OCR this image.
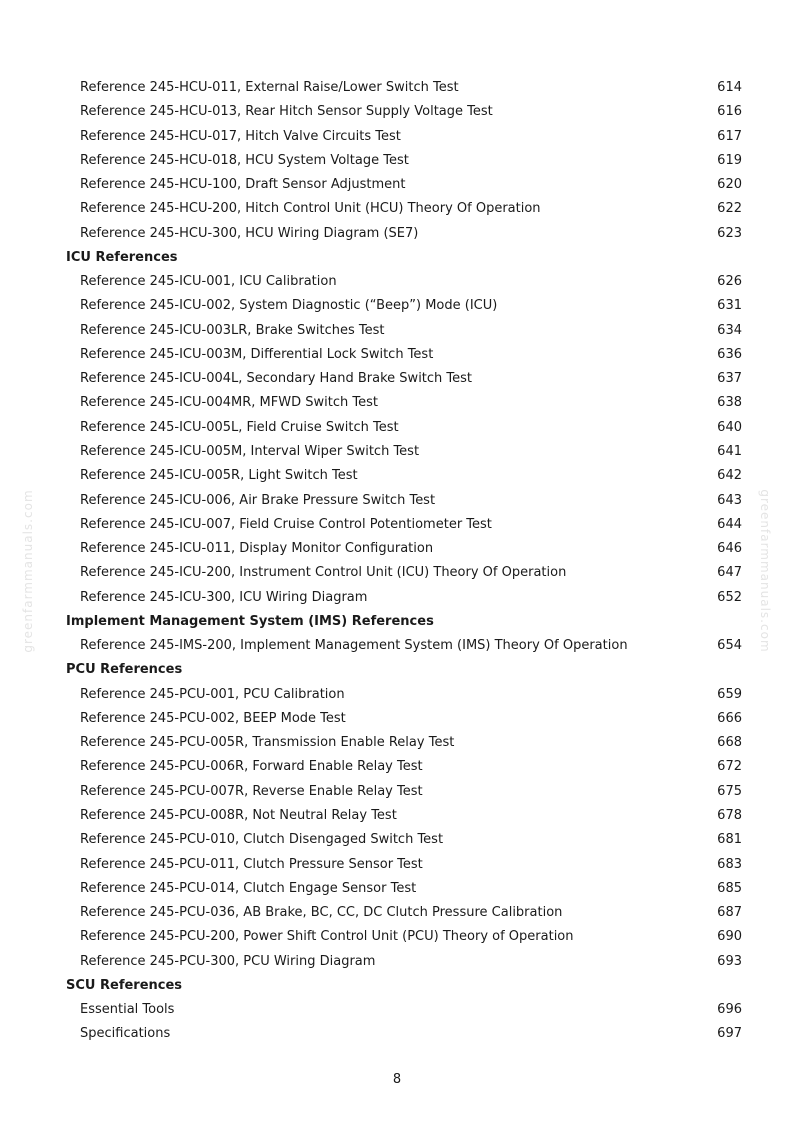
Reference 245-HCU-011, External Raise/Lower Switch Test	614
Reference 245-HCU-013, Rear Hitch Sensor Supply Voltage Test	616
Reference 245-HCU-017, Hitch Valve Circuits Test	617
Reference 245-HCU-018, HCU System Voltage Test	619
Reference 245-HCU-100, Draft Sensor Adjustment	620
Reference 245-HCU-200, Hitch Control Unit (HCU) Theory Of Operation	622
Reference 245-HCU-300, HCU Wiring Diagram (SE7)	623
ICU References
Reference 245-ICU-001, ICU Calibration	626
Reference 245-ICU-002, System Diagnostic (“Beep”) Mode (ICU)	631
Reference 245-ICU-003LR, Brake Switches Test	634
Reference 245-ICU-003M, Differential Lock Switch Test	636
Reference 245-ICU-004L, Secondary Hand Brake Switch Test	637
Reference 245-ICU-004MR, MFWD Switch Test	638
Reference 245-ICU-005L, Field Cruise Switch Test	640
Reference 245-ICU-005M, Interval Wiper Switch Test	641
Reference 245-ICU-005R, Light Switch Test	642
Reference 245-ICU-006, Air Brake Pressure Switch Test	643
Reference 245-ICU-007, Field Cruise Control Potentiometer Test	644
Reference 245-ICU-011, Display Monitor Configuration	646
Reference 245-ICU-200, Instrument Control Unit (ICU) Theory Of Operation	647
Reference 245-ICU-300, ICU Wiring Diagram	652
Implement Management System (IMS) References
Reference 245-IMS-200, Implement Management System (IMS) Theory Of Operation	654
PCU References
Reference 245-PCU-001, PCU Calibration	659
Reference 245-PCU-002, BEEP Mode Test	666
Reference 245-PCU-005R, Transmission Enable Relay Test	668
Reference 245-PCU-006R, Forward Enable Relay Test	672
Reference 245-PCU-007R, Reverse Enable Relay Test	675
Reference 245-PCU-008R, Not Neutral Relay Test	678
Reference 245-PCU-010, Clutch Disengaged Switch Test	681
Reference 245-PCU-011, Clutch Pressure Sensor Test	683
Reference 245-PCU-014, Clutch Engage Sensor Test	685
Reference 245-PCU-036, AB Brake, BC, CC, DC Clutch Pressure Calibration	687
Reference 245-PCU-200, Power Shift Control Unit (PCU) Theory of Operation	690
Reference 245-PCU-300, PCU Wiring Diagram	693
SCU References
Essential Tools	696
Specifications	697
greenfarmmanuals.com	greenfarmmanuals.com
8
